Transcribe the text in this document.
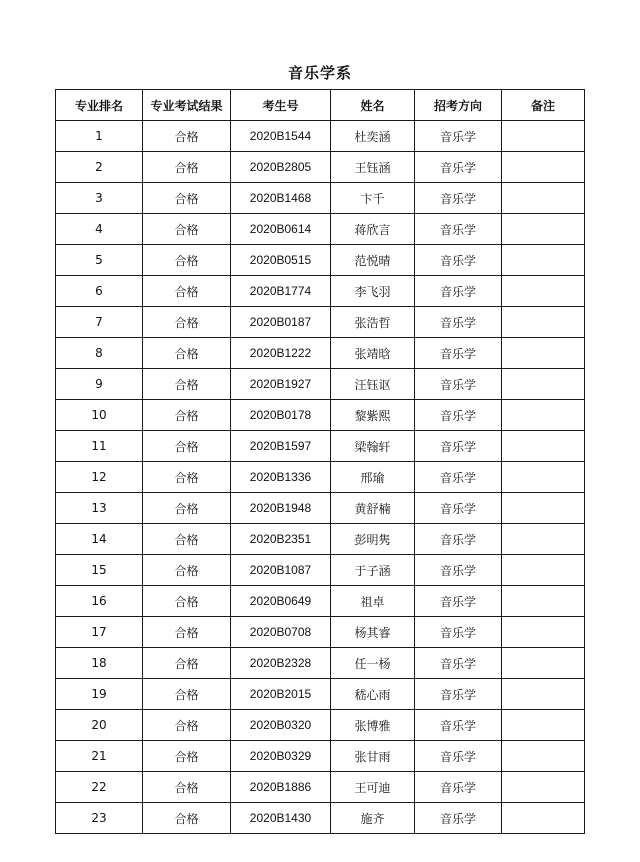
音乐学系
专业排名	专业考试结果	考生号	姓名	招考方向	备注
1	合格	2020B1544	杜奕涵	音乐学	
2	合格	2020B2805	王钰涵	音乐学	
3	合格	2020B1468	卞千	音乐学	
4	合格	2020B0614	蒋欣言	音乐学	
5	合格	2020B0515	范悦晴	音乐学	
6	合格	2020B1774	李飞羽	音乐学	
7	合格	2020B0187	张浩哲	音乐学	
8	合格	2020B1222	张靖晗	音乐学	
9	合格	2020B1927	汪钰讴	音乐学	
10	合格	2020B0178	黎紫熙	音乐学	
11	合格	2020B1597	梁翰轩	音乐学	
12	合格	2020B1336	邢瑜	音乐学	
13	合格	2020B1948	黄舒楠	音乐学	
14	合格	2020B2351	彭明隽	音乐学	
15	合格	2020B1087	于子涵	音乐学	
16	合格	2020B0649	祖卓	音乐学	
17	合格	2020B0708	杨其睿	音乐学	
18	合格	2020B2328	任一杨	音乐学	
19	合格	2020B2015	嵇心雨	音乐学	
20	合格	2020B0320	张博雅	音乐学	
21	合格	2020B0329	张甘雨	音乐学	
22	合格	2020B1886	王可迪	音乐学	
23	合格	2020B1430	施齐	音乐学	
